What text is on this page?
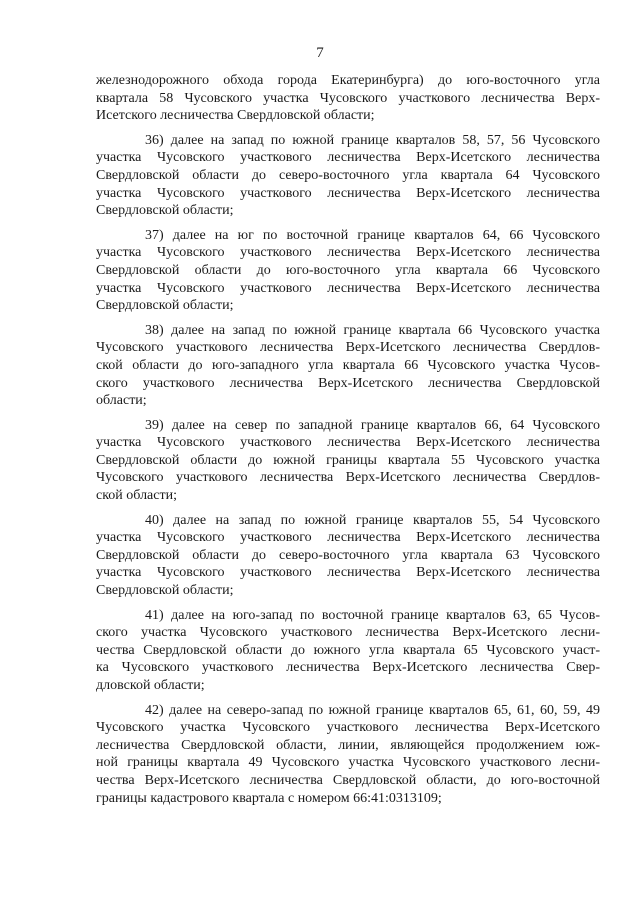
7
железнодорожного обхода города Екатеринбурга) до юго-восточного угла
квартала 58 Чусовского участка Чусовского участкового лесничества Верх-
Исетского лесничества Свердловской области;
36) далее на запад по южной границе кварталов 58, 57, 56 Чусовского
участка Чусовского участкового лесничества Верх-Исетского лесничества
Свердловской области до северо-восточного угла квартала 64 Чусовского
участка Чусовского участкового лесничества Верх-Исетского лесничества
Свердловской области;
37) далее на юг по восточной границе кварталов 64, 66 Чусовского
участка Чусовского участкового лесничества Верх-Исетского лесничества
Свердловской области до юго-восточного угла квартала 66 Чусовского
участка Чусовского участкового лесничества Верх-Исетского лесничества
Свердловской области;
38) далее на запад по южной границе квартала 66 Чусовского участка
Чусовского участкового лесничества Верх-Исетского лесничества Свердлов-
ской области до юго-западного угла квартала 66 Чусовского участка Чусов-
ского участкового лесничества Верх-Исетского лесничества Свердловской
области;
39) далее на север по западной границе кварталов 66, 64 Чусовского
участка Чусовского участкового лесничества Верх-Исетского лесничества
Свердловской области до южной границы квартала 55 Чусовского участка
Чусовского участкового лесничества Верх-Исетского лесничества Свердлов-
ской области;
40) далее на запад по южной границе кварталов 55, 54 Чусовского
участка Чусовского участкового лесничества Верх-Исетского лесничества
Свердловской области до северо-восточного угла квартала 63 Чусовского
участка Чусовского участкового лесничества Верх-Исетского лесничества
Свердловской области;
41) далее на юго-запад по восточной границе кварталов 63, 65 Чусов-
ского участка Чусовского участкового лесничества Верх-Исетского лесни-
чества Свердловской области до южного угла квартала 65 Чусовского участ-
ка Чусовского участкового лесничества Верх-Исетского лесничества Свер-
дловской области;
42) далее на северо-запад по южной границе кварталов 65, 61, 60, 59, 49
Чусовского участка Чусовского участкового лесничества Верх-Исетского
лесничества Свердловской области, линии, являющейся продолжением юж-
ной границы квартала 49 Чусовского участка Чусовского участкового лесни-
чества Верх-Исетского лесничества Свердловской области, до юго-восточной
границы кадастрового квартала с номером 66:41:0313109;
